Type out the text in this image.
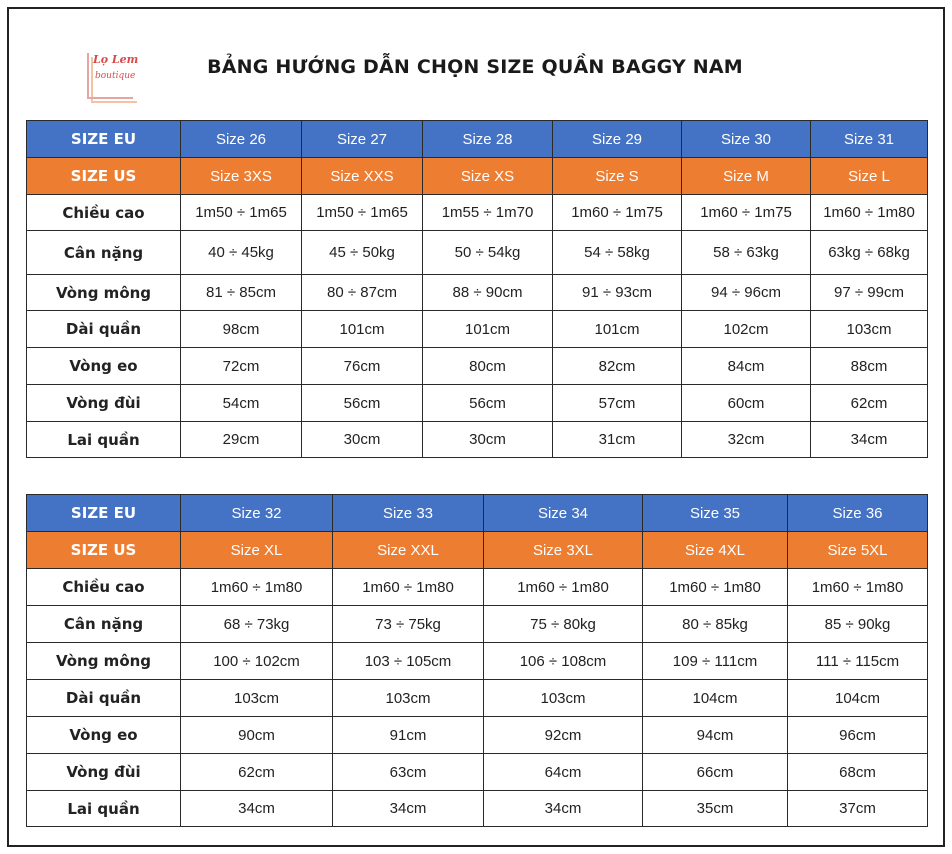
Lọ Lem
boutique	BẢNG HƯỚNG DẪN CHỌN SIZE QUẦN BAGGY NAM
SIZE EU	Size 26	Size 27	Size 28	Size 29	Size 30	Size 31
SIZE US	Size 3XS	Size XXS	Size XS	Size S	Size M	Size L
Chiều cao	1m50 ÷ 1m65	1m50 ÷ 1m65	1m55 ÷ 1m70	1m60 ÷ 1m75	1m60 ÷ 1m75	1m60 ÷ 1m80
Cân nặng	40 ÷ 45kg	45 ÷ 50kg	50 ÷ 54kg	54 ÷ 58kg	58 ÷ 63kg	63kg ÷ 68kg
Vòng mông	81 ÷ 85cm	80 ÷ 87cm	88 ÷ 90cm	91 ÷ 93cm	94 ÷ 96cm	97 ÷ 99cm
Dài quần	98cm	101cm	101cm	101cm	102cm	103cm
Vòng eo	72cm	76cm	80cm	82cm	84cm	88cm
Vòng đùi	54cm	56cm	56cm	57cm	60cm	62cm
Lai quần	29cm	30cm	30cm	31cm	32cm	34cm
SIZE EU	Size 32	Size 33	Size 34	Size 35	Size 36
SIZE US	Size XL	Size XXL	Size 3XL	Size 4XL	Size 5XL
Chiều cao	1m60 ÷ 1m80	1m60 ÷ 1m80	1m60 ÷ 1m80	1m60 ÷ 1m80	1m60 ÷ 1m80
Cân nặng	68 ÷ 73kg	73 ÷ 75kg	75 ÷ 80kg	80 ÷ 85kg	85 ÷ 90kg
Vòng mông	100 ÷ 102cm	103 ÷ 105cm	106 ÷ 108cm	109 ÷ 111cm	111 ÷ 115cm
Dài quần	103cm	103cm	103cm	104cm	104cm
Vòng eo	90cm	91cm	92cm	94cm	96cm
Vòng đùi	62cm	63cm	64cm	66cm	68cm
Lai quần	34cm	34cm	34cm	35cm	37cm
